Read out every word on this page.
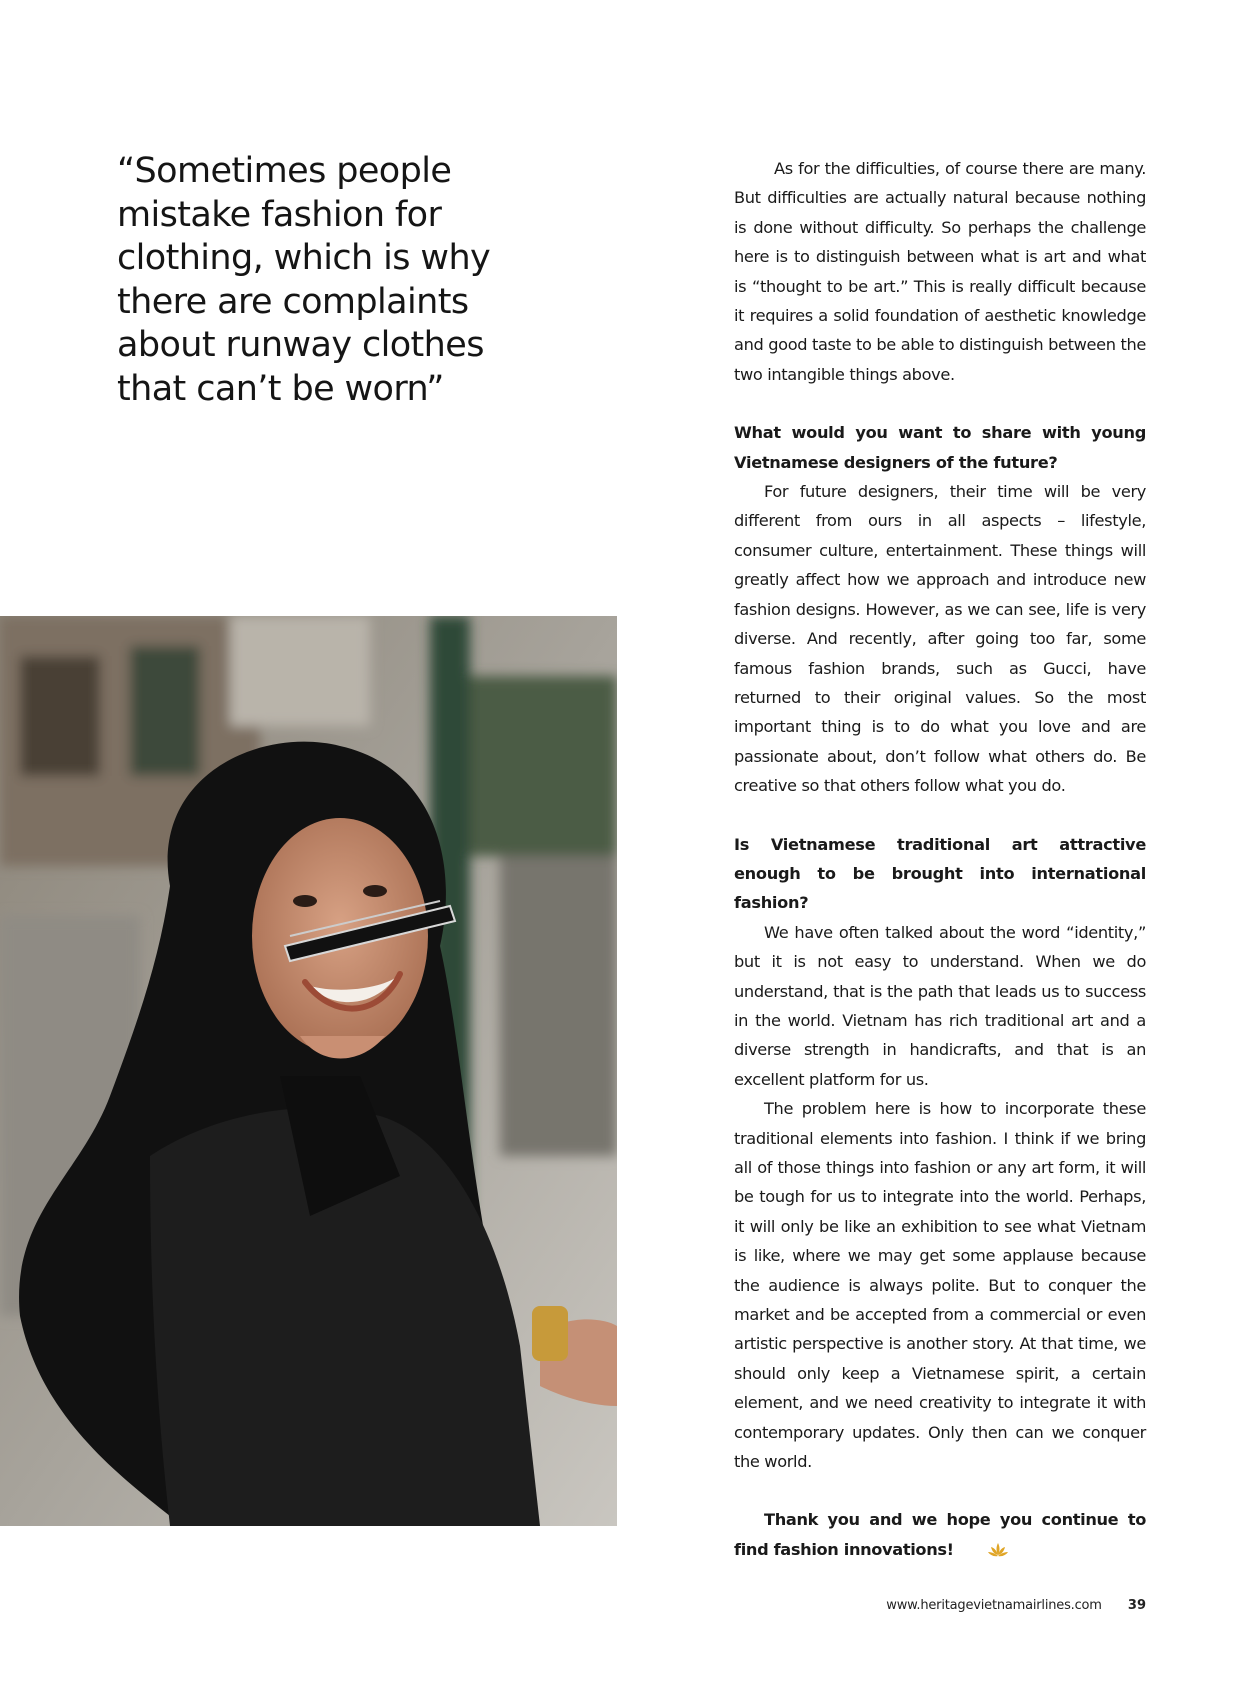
“Sometimes people mistake fashion for clothing, which is why there are complaints about runway clothes that can’t be worn”

As for the difficulties, of course there are many. But difficulties are actually natural because nothing is done without difficulty. So perhaps the challenge here is to distinguish between what is art and what is “thought to be art.” This is really difficult because it requires a solid foundation of aesthetic knowledge and good taste to be able to distinguish between the two intangible things above.

What would you want to share with young Vietnamese designers of the future?

For future designers, their time will be very different from ours in all aspects – lifestyle, consumer culture, entertainment. These things will greatly affect how we approach and introduce new fashion designs. However, as we can see, life is very diverse. And recently, after going too far, some famous fashion brands, such as Gucci, have returned to their original values. So the most important thing is to do what you love and are passionate about, don’t follow what others do. Be creative so that others follow what you do.

Is Vietnamese traditional art attractive enough to be brought into international fashion?

We have often talked about the word “identity,” but it is not easy to understand. When we do understand, that is the path that leads us to success in the world. Vietnam has rich traditional art and a diverse strength in handicrafts, and that is an excellent platform for us.

The problem here is how to incorporate these traditional elements into fashion. I think if we bring all of those things into fashion or any art form, it will be tough for us to integrate into the world. Perhaps, it will only be like an exhibition to see what Vietnam is like, where we may get some applause because the audience is always polite. But to conquer the market and be accepted from a commercial or even artistic perspective is another story. At that time, we should only keep a Vietnamese spirit, a certain element, and we need creativity to integrate it with contemporary updates. Only then can we conquer the world.

Thank you and we hope you continue to find fashion innovations!

www.heritagevietnamairlines.com 39
